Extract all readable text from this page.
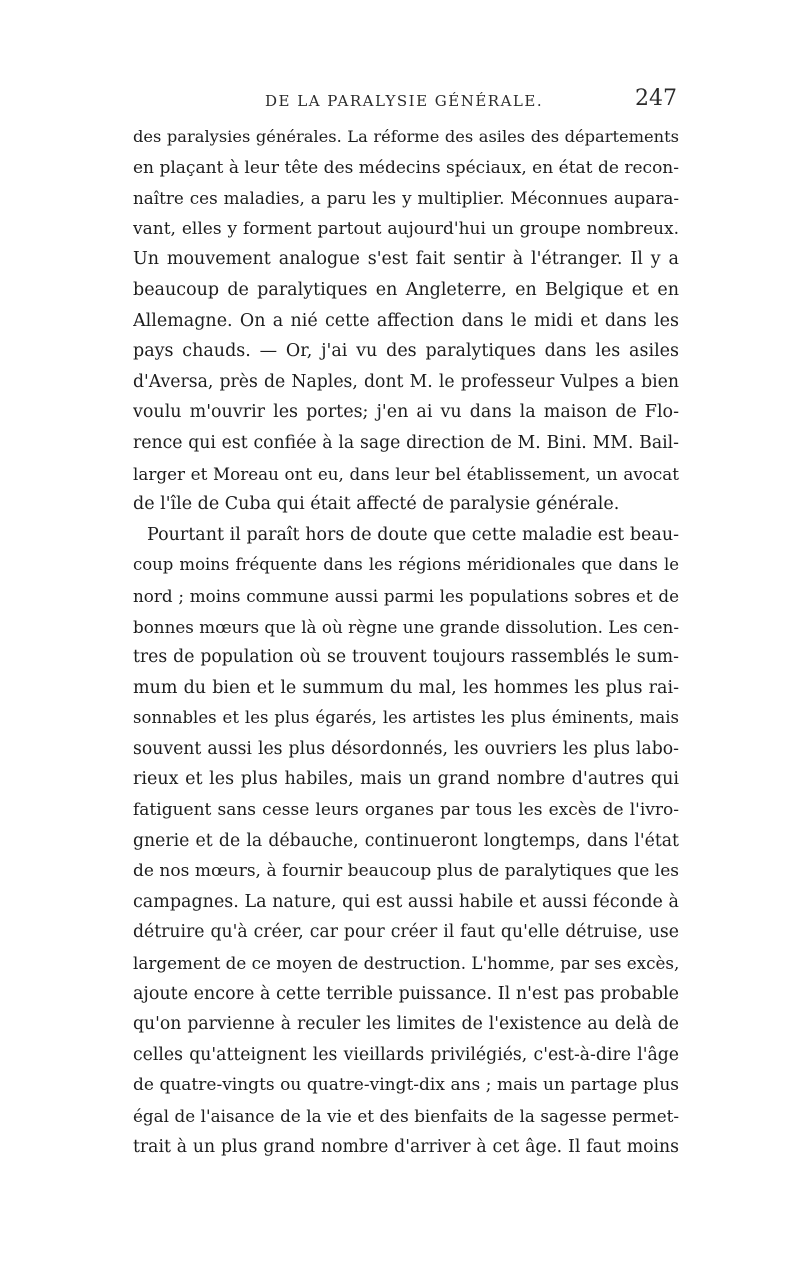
DE LA PARALYSIE GÉNÉRALE.	247
des paralysies générales. La réforme des asiles des départements
en plaçant à leur tête des médecins spéciaux, en état de recon-
naître ces maladies, a paru les y multiplier. Méconnues aupara-
vant, elles y forment partout aujourd'hui un groupe nombreux.
Un mouvement analogue s'est fait sentir à l'étranger. Il y a
beaucoup de paralytiques en Angleterre, en Belgique et en
Allemagne. On a nié cette affection dans le midi et dans les
pays chauds. — Or, j'ai vu des paralytiques dans les asiles
d'Aversa, près de Naples, dont M. le professeur Vulpes a bien
voulu m'ouvrir les portes; j'en ai vu dans la maison de Flo-
rence qui est confiée à la sage direction de M. Bini. MM. Bail-
larger et Moreau ont eu, dans leur bel établissement, un avocat
de l'île de Cuba qui était affecté de paralysie générale.
Pourtant il paraît hors de doute que cette maladie est beau-
coup moins fréquente dans les régions méridionales que dans le
nord ; moins commune aussi parmi les populations sobres et de
bonnes mœurs que là où règne une grande dissolution. Les cen-
tres de population où se trouvent toujours rassemblés le sum-
mum du bien et le summum du mal, les hommes les plus rai-
sonnables et les plus égarés, les artistes les plus éminents, mais
souvent aussi les plus désordonnés, les ouvriers les plus labo-
rieux et les plus habiles, mais un grand nombre d'autres qui
fatiguent sans cesse leurs organes par tous les excès de l'ivro-
gnerie et de la débauche, continueront longtemps, dans l'état
de nos mœurs, à fournir beaucoup plus de paralytiques que les
campagnes. La nature, qui est aussi habile et aussi féconde à
détruire qu'à créer, car pour créer il faut qu'elle détruise, use
largement de ce moyen de destruction. L'homme, par ses excès,
ajoute encore à cette terrible puissance. Il n'est pas probable
qu'on parvienne à reculer les limites de l'existence au delà de
celles qu'atteignent les vieillards privilégiés, c'est-à-dire l'âge
de quatre-vingts ou quatre-vingt-dix ans ; mais un partage plus
égal de l'aisance de la vie et des bienfaits de la sagesse permet-
trait à un plus grand nombre d'arriver à cet âge. Il faut moins
